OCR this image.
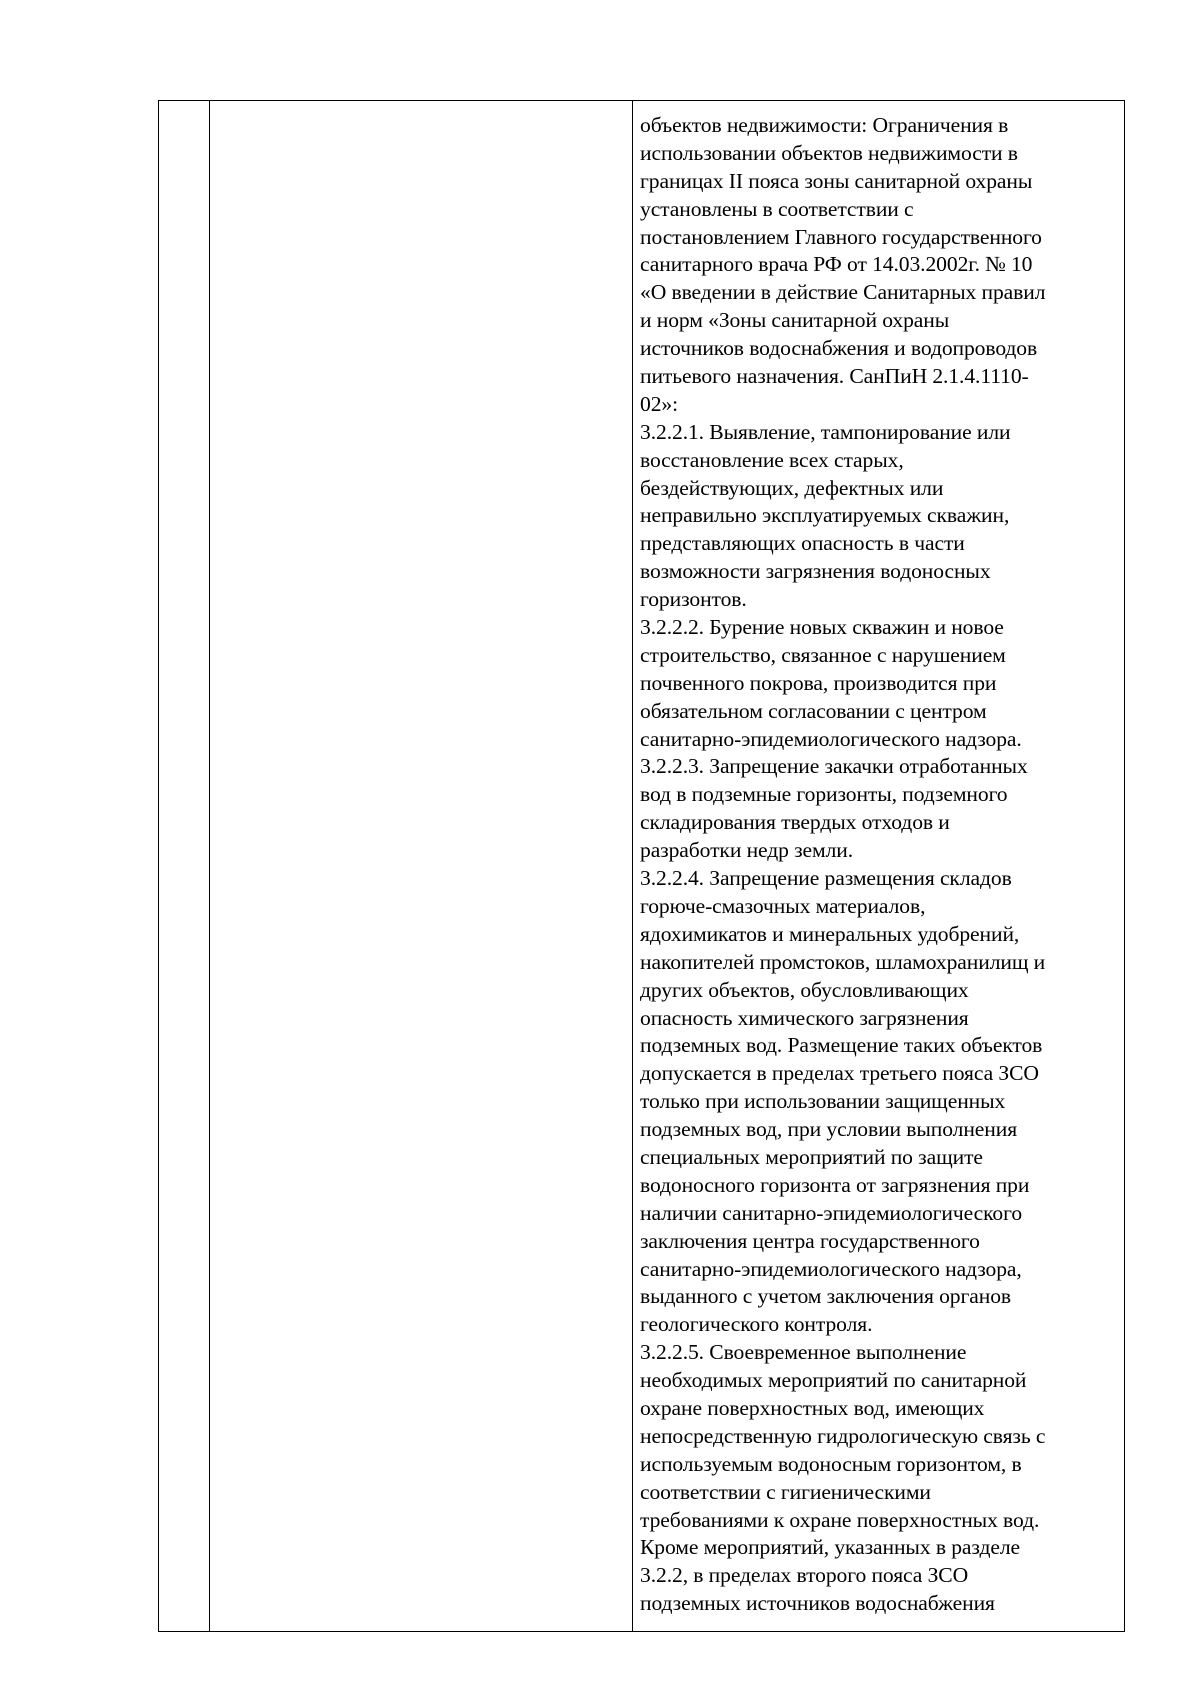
объектов недвижимости: Ограничения в
использовании объектов недвижимости в
границах II пояса зоны санитарной охраны
установлены в соответствии с
постановлением Главного государственного
санитарного врача РФ от 14.03.2002г. № 10
«О введении в действие Санитарных правил
и норм «Зоны санитарной охраны
источников водоснабжения и водопроводов
питьевого назначения. СанПиН 2.1.4.1110-
02»:
3.2.2.1. Выявление, тампонирование или
восстановление всех старых,
бездействующих, дефектных или
неправильно эксплуатируемых скважин,
представляющих опасность в части
возможности загрязнения водоносных
горизонтов.
3.2.2.2. Бурение новых скважин и новое
строительство, связанное с нарушением
почвенного покрова, производится при
обязательном согласовании с центром
санитарно-эпидемиологического надзора.
3.2.2.3. Запрещение закачки отработанных
вод в подземные горизонты, подземного
складирования твердых отходов и
разработки недр земли.
3.2.2.4. Запрещение размещения складов
горюче-смазочных материалов,
ядохимикатов и минеральных удобрений,
накопителей промстоков, шламохранилищ и
других объектов, обусловливающих
опасность химического загрязнения
подземных вод. Размещение таких объектов
допускается в пределах третьего пояса ЗСО
только при использовании защищенных
подземных вод, при условии выполнения
специальных мероприятий по защите
водоносного горизонта от загрязнения при
наличии санитарно-эпидемиологического
заключения центра государственного
санитарно-эпидемиологического надзора,
выданного с учетом заключения органов
геологического контроля.
3.2.2.5. Своевременное выполнение
необходимых мероприятий по санитарной
охране поверхностных вод, имеющих
непосредственную гидрологическую связь с
используемым водоносным горизонтом, в
соответствии с гигиеническими
требованиями к охране поверхностных вод.
Кроме мероприятий, указанных в разделе
3.2.2, в пределах второго пояса ЗСО
подземных источников водоснабжения
